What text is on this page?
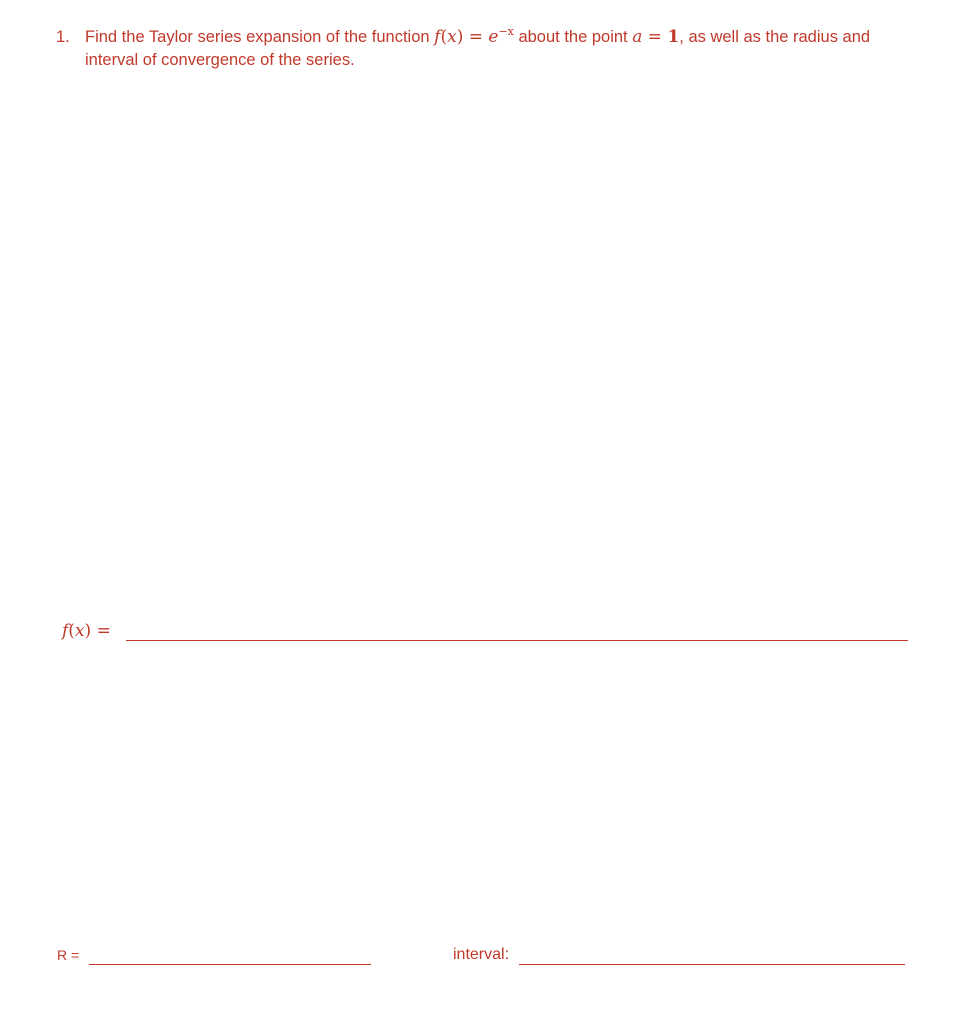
1. Find the Taylor series expansion of the function $f(x) = e^{-x}$ about the point a = 1, as well as the radius and interval of convergence of the series.
f(x) =
R =	interval:
